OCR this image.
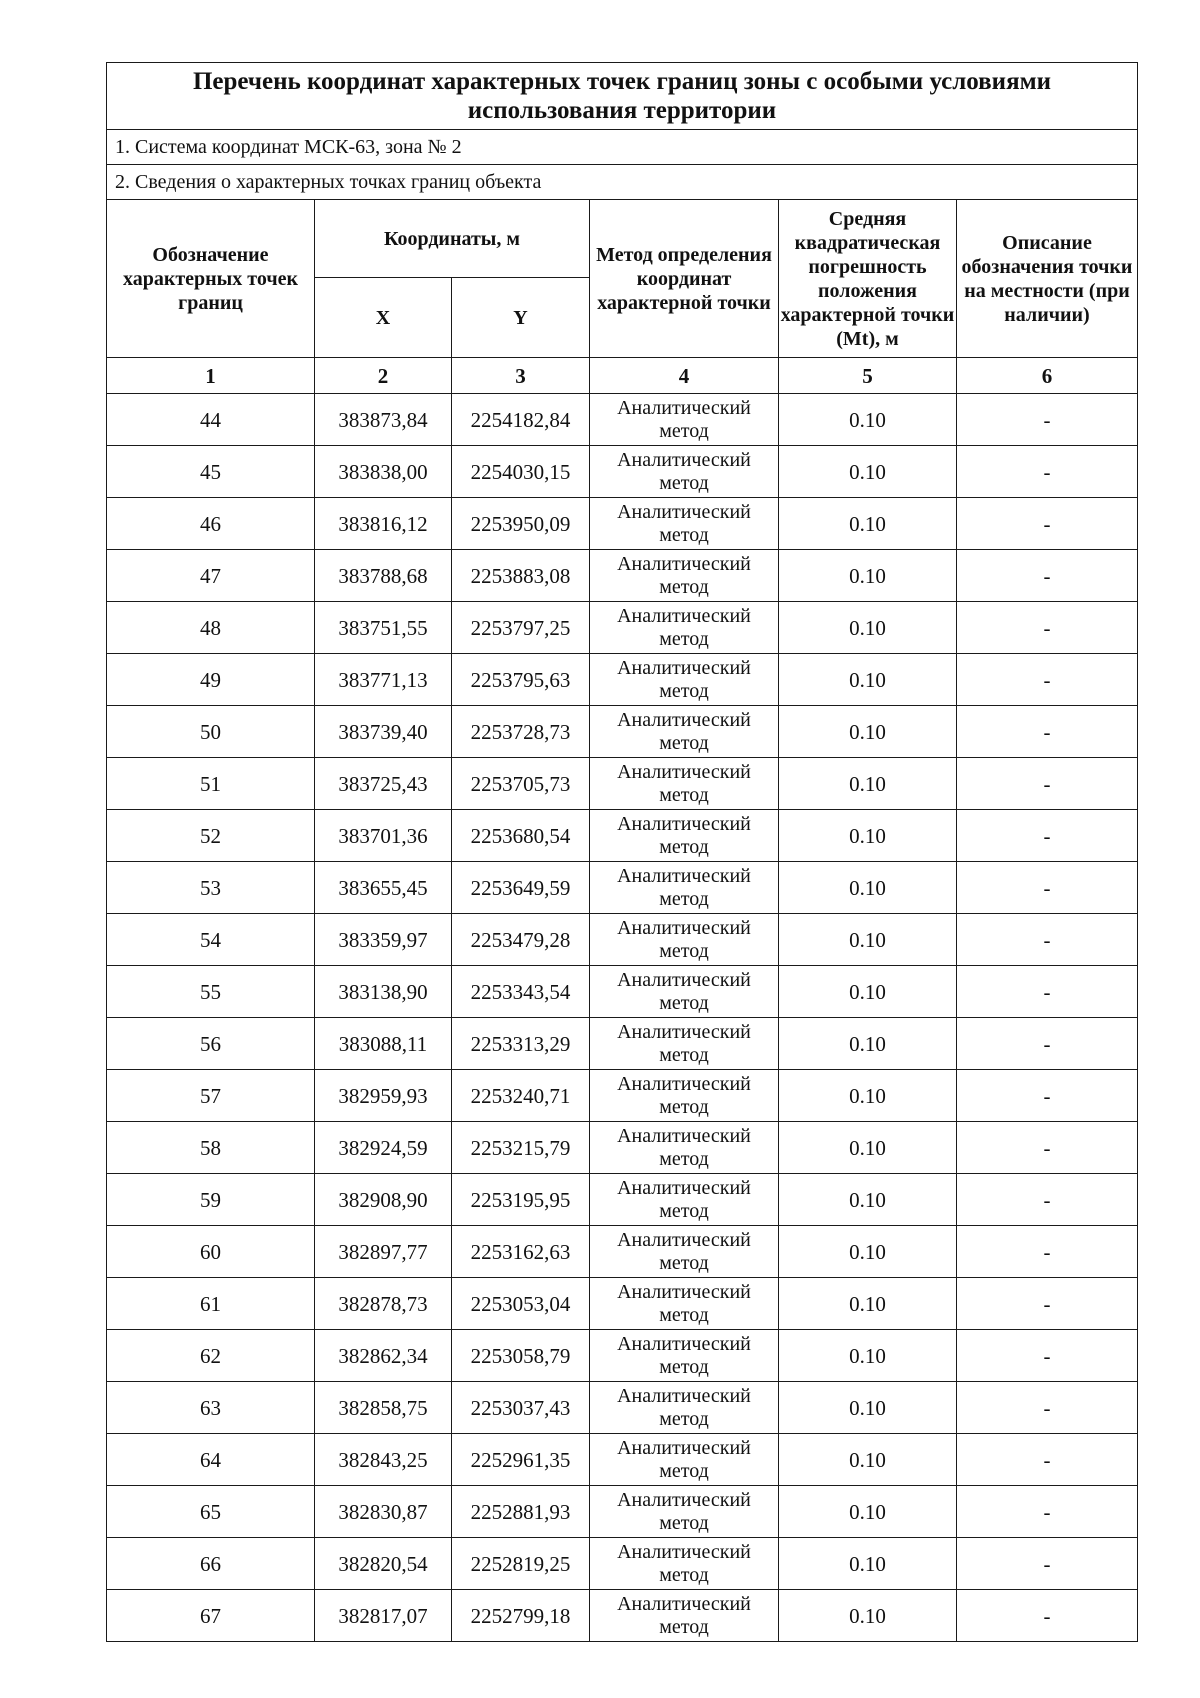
Перечень координат характерных точек границ зоны с особыми условиями использования территории					
1. Система координат МСК-63, зона № 2					
2. Сведения о характерных точках границ объекта					
Обозначение характерных точек границ	Координаты, м		Метод определения координат характерной точки	Средняя квадратическая погрешность положения характерной точки (Mt), м	Описание обозначения точки на местности (при наличии)
	X	Y			
1	2	3	4	5	6
44	383873,84	2254182,84	Аналитический метод	0.10	-
45	383838,00	2254030,15	Аналитический метод	0.10	-
46	383816,12	2253950,09	Аналитический метод	0.10	-
47	383788,68	2253883,08	Аналитический метод	0.10	-
48	383751,55	2253797,25	Аналитический метод	0.10	-
49	383771,13	2253795,63	Аналитический метод	0.10	-
50	383739,40	2253728,73	Аналитический метод	0.10	-
51	383725,43	2253705,73	Аналитический метод	0.10	-
52	383701,36	2253680,54	Аналитический метод	0.10	-
53	383655,45	2253649,59	Аналитический метод	0.10	-
54	383359,97	2253479,28	Аналитический метод	0.10	-
55	383138,90	2253343,54	Аналитический метод	0.10	-
56	383088,11	2253313,29	Аналитический метод	0.10	-
57	382959,93	2253240,71	Аналитический метод	0.10	-
58	382924,59	2253215,79	Аналитический метод	0.10	-
59	382908,90	2253195,95	Аналитический метод	0.10	-
60	382897,77	2253162,63	Аналитический метод	0.10	-
61	382878,73	2253053,04	Аналитический метод	0.10	-
62	382862,34	2253058,79	Аналитический метод	0.10	-
63	382858,75	2253037,43	Аналитический метод	0.10	-
64	382843,25	2252961,35	Аналитический метод	0.10	-
65	382830,87	2252881,93	Аналитический метод	0.10	-
66	382820,54	2252819,25	Аналитический метод	0.10	-
67	382817,07	2252799,18	Аналитический метод	0.10	-
